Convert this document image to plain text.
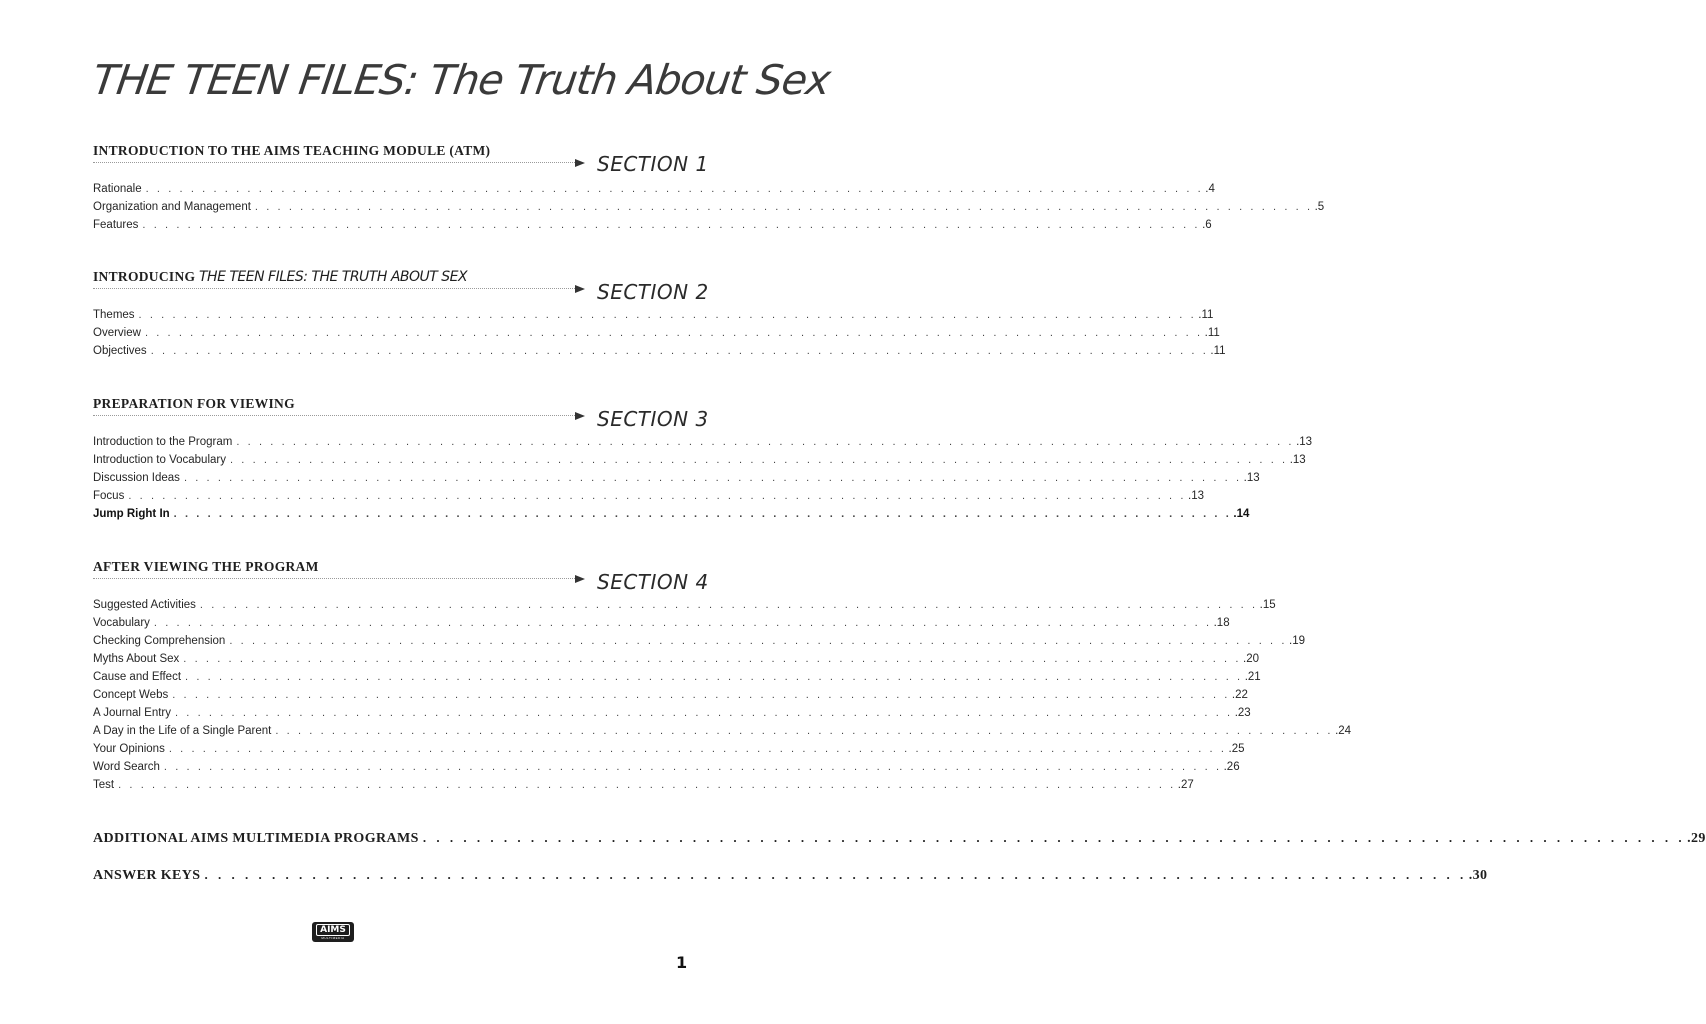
THE TEEN FILES: The Truth About Sex
INTRODUCTION TO THE AIMS TEACHING MODULE (ATM)
SECTION 1
Rationale . . .	.4
Organization and Management . . .	.5
Features . . .	.6
INTRODUCING THE TEEN FILES: THE TRUTH ABOUT SEX
SECTION 2
Themes . . .	.11
Overview . . .	.11
Objectives . . .	.11
PREPARATION FOR VIEWING
SECTION 3
Introduction to the Program . . .	.13
Introduction to Vocabulary . . .	.13
Discussion Ideas . . .	.13
Focus . . .	.13
Jump Right In . . .	.14
AFTER VIEWING THE PROGRAM
SECTION 4
Suggested Activities . . .	.15
Vocabulary . . .	.18
Checking Comprehension . . .	.19
Myths About Sex . . .	.20
Cause and Effect . . .	.21
Concept Webs . . .	.22
A Journal Entry . . .	.23
A Day in the Life of a Single Parent . . .	.24
Your Opinions . . .	.25
Word Search . . .	.26
Test . . .	.27
ADDITIONAL AIMS MULTIMEDIA PROGRAMS . . .	.29
ANSWER KEYS . . .	.30
AIMS
MULTIMEDIA
1
